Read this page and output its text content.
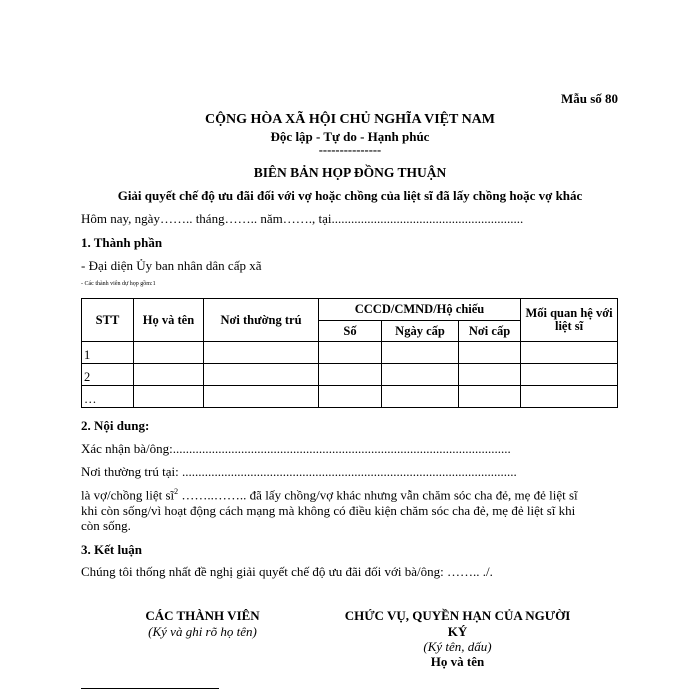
Mẫu số 80
CỘNG HÒA XÃ HỘI CHỦ NGHĨA VIỆT NAM
Độc lập - Tự do - Hạnh phúc
---------------
BIÊN BẢN HỌP ĐỒNG THUẬN
Giải quyết chế độ ưu đãi đối với vợ hoặc chồng của liệt sĩ đã lấy chồng hoặc vợ khác
Hôm nay, ngày…….. tháng…….. năm……., tại...........................................................
1. Thành phần
- Đại diện Ủy ban nhân dân cấp xã
- Các thành viên dự họp gồm:1
STT	Họ và tên	Nơi thường trú	CCCD/CMND/Hộ chiếu			Mối quan hệ với liệt sĩ
			Số	Ngày cấp	Nơi cấp	
1						
2						
…						
2. Nội dung:
Xác nhận bà/ông:........................................................................................................
Nơi thường trú tại: .......................................................................................................
là vợ/chồng liệt $sĩ^2$ ……..…….. đã lấy chồng/vợ khác nhưng vẫn chăm sóc cha đẻ, mẹ đẻ liệt sĩ
khi còn sống/vì hoạt động cách mạng mà không có điều kiện chăm sóc cha đẻ, mẹ đẻ liệt sĩ khi
còn sống.
3. Kết luận
Chúng tôi thống nhất đề nghị giải quyết chế độ ưu đãi đối với bà/ông: …….. ./.
CÁC THÀNH VIÊN
(Ký và ghi rõ họ tên)
CHỨC VỤ, QUYỀN HẠN CỦA NGƯỜI
KÝ
(Ký tên, dấu)
Họ và tên
